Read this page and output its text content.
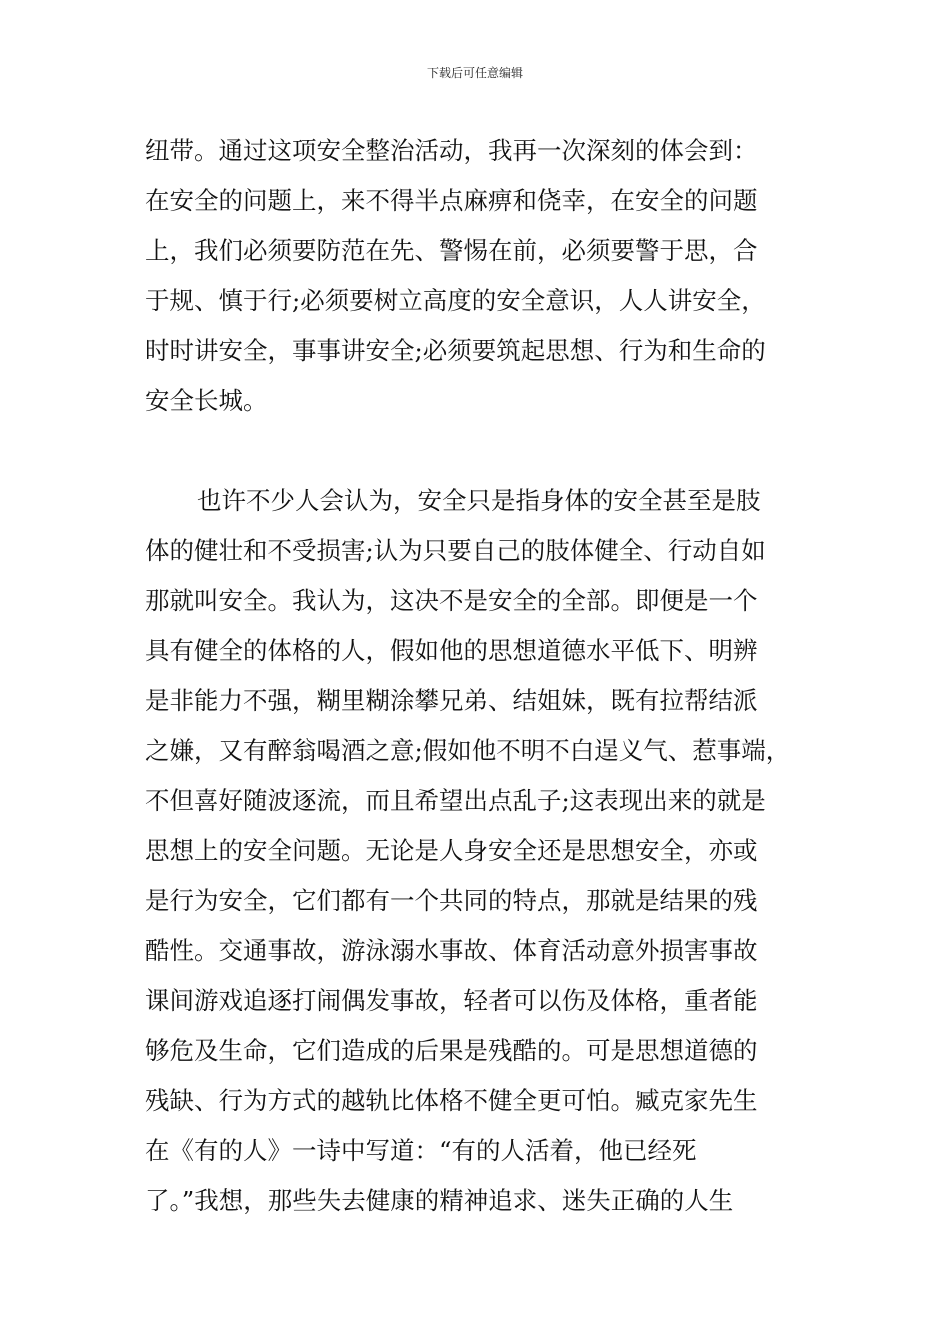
下载后可任意编辑
纽带。通过这项安全整治活动，我再一次深刻的体会到：
在安全的问题上，来不得半点麻痹和侥幸，在安全的问题
上，我们必须要防范在先、警惕在前，必须要警于思，合
于规、慎于行;必须要树立高度的安全意识，人人讲安全，
时时讲安全，事事讲安全;必须要筑起思想、行为和生命的
安全长城。
也许不少人会认为，安全只是指身体的安全甚至是肢
体的健壮和不受损害;认为只要自己的肢体健全、行动自如
那就叫安全。我认为，这决不是安全的全部。即便是一个
具有健全的体格的人，假如他的思想道德水平低下、明辨
是非能力不强，糊里糊涂攀兄弟、结姐妹，既有拉帮结派
之嫌，又有醉翁喝酒之意;假如他不明不白逞义气、惹事端，
不但喜好随波逐流，而且希望出点乱子;这表现出来的就是
思想上的安全问题。无论是人身安全还是思想安全，亦或
是行为安全，它们都有一个共同的特点，那就是结果的残
酷性。交通事故，游泳溺水事故、体育活动意外损害事故
课间游戏追逐打闹偶发事故，轻者可以伤及体格，重者能
够危及生命，它们造成的后果是残酷的。可是思想道德的
残缺、行为方式的越轨比体格不健全更可怕。臧克家先生
在《有的人》一诗中写道：“有的人活着，他已经死
了。”我想，那些失去健康的精神追求、迷失正确的人生
